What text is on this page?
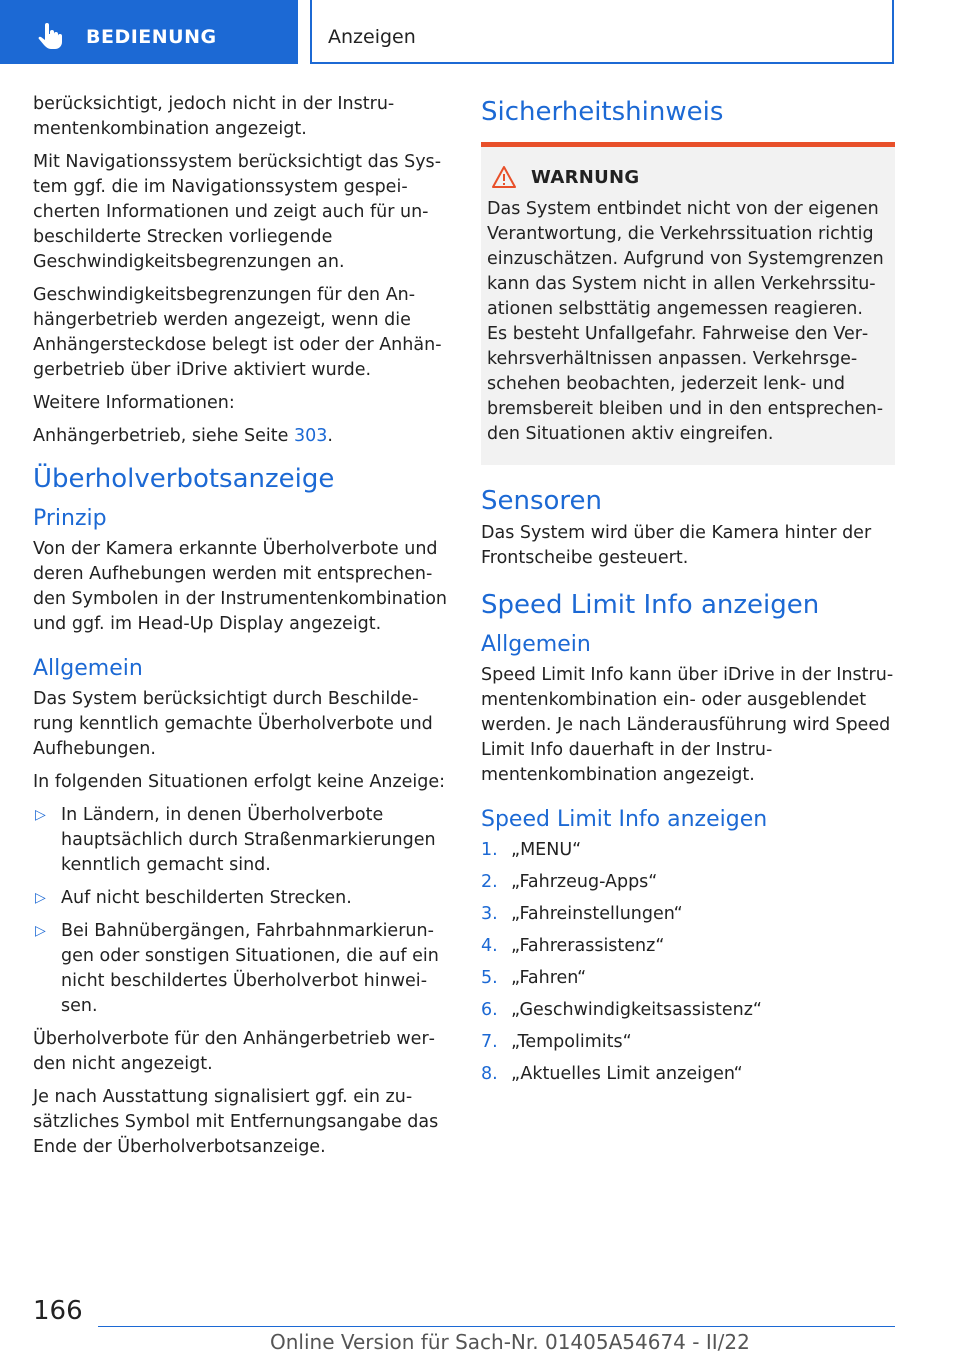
BEDIENUNG	Anzeigen

berücksichtigt, jedoch nicht in der Instrumentenkombination angezeigt.

Mit Navigationssystem berücksichtigt das System ggf. die im Navigationssystem gespeicherten Informationen und zeigt auch für unbeschilderte Strecken vorliegende Geschwindigkeitsbegrenzungen an.

Geschwindigkeitsbegrenzungen für den Anhängerbetrieb werden angezeigt, wenn die Anhängersteckdose belegt ist oder der Anhängerbetrieb über iDrive aktiviert wurde.

Weitere Informationen:

Anhängerbetrieb, siehe Seite 303.

Überholverbotsanzeige
Prinzip

Von der Kamera erkannte Überholverbote und deren Aufhebungen werden mit entsprechenden Symbolen in der Instrumentenkombination und ggf. im Head-Up Display angezeigt.

Allgemein

Das System berücksichtigt durch Beschilderung kenntlich gemachte Überholverbote und Aufhebungen.

In folgenden Situationen erfolgt keine Anzeige:

▷ In Ländern, in denen Überholverbote hauptsächlich durch Straßenmarkierungen kenntlich gemacht sind.
▷ Auf nicht beschilderten Strecken.
▷ Bei Bahnübergängen, Fahrbahnmarkierungen oder sonstigen Situationen, die auf ein nicht beschildertes Überholverbot hinweisen.

Überholverbote für den Anhängerbetrieb werden nicht angezeigt.

Je nach Ausstattung signalisiert ggf. ein zusätzliches Symbol mit Entfernungsangabe das Ende der Überholverbotsanzeige.

Sicherheitshinweis
WARNUNG

Das System entbindet nicht von der eigenen Verantwortung, die Verkehrssituation richtig einzuschätzen. Aufgrund von Systemgrenzen kann das System nicht in allen Verkehrssituationen selbsttätig angemessen reagieren. Es besteht Unfallgefahr. Fahrweise den Verkehrsverhältnissen anpassen. Verkehrsgeschehen beobachten, jederzeit lenk- und bremsbereit bleiben und in den entsprechenden Situationen aktiv eingreifen.

Sensoren

Das System wird über die Kamera hinter der Frontscheibe gesteuert.

Speed Limit Info anzeigen
Allgemein

Speed Limit Info kann über iDrive in der Instrumentenkombination ein- oder ausgeblendet werden. Je nach Länderausführung wird Speed Limit Info dauerhaft in der Instrumentenkombination angezeigt.

Speed Limit Info anzeigen
1. „MENU“
2. „Fahrzeug-Apps“
3. „Fahreinstellungen“
4. „Fahrerassistenz“
5. „Fahren“
6. „Geschwindigkeitsassistenz“
7. „Tempolimits“
8. „Aktuelles Limit anzeigen“
166
Online Version für Sach-Nr. 01405A54674 - II/22
